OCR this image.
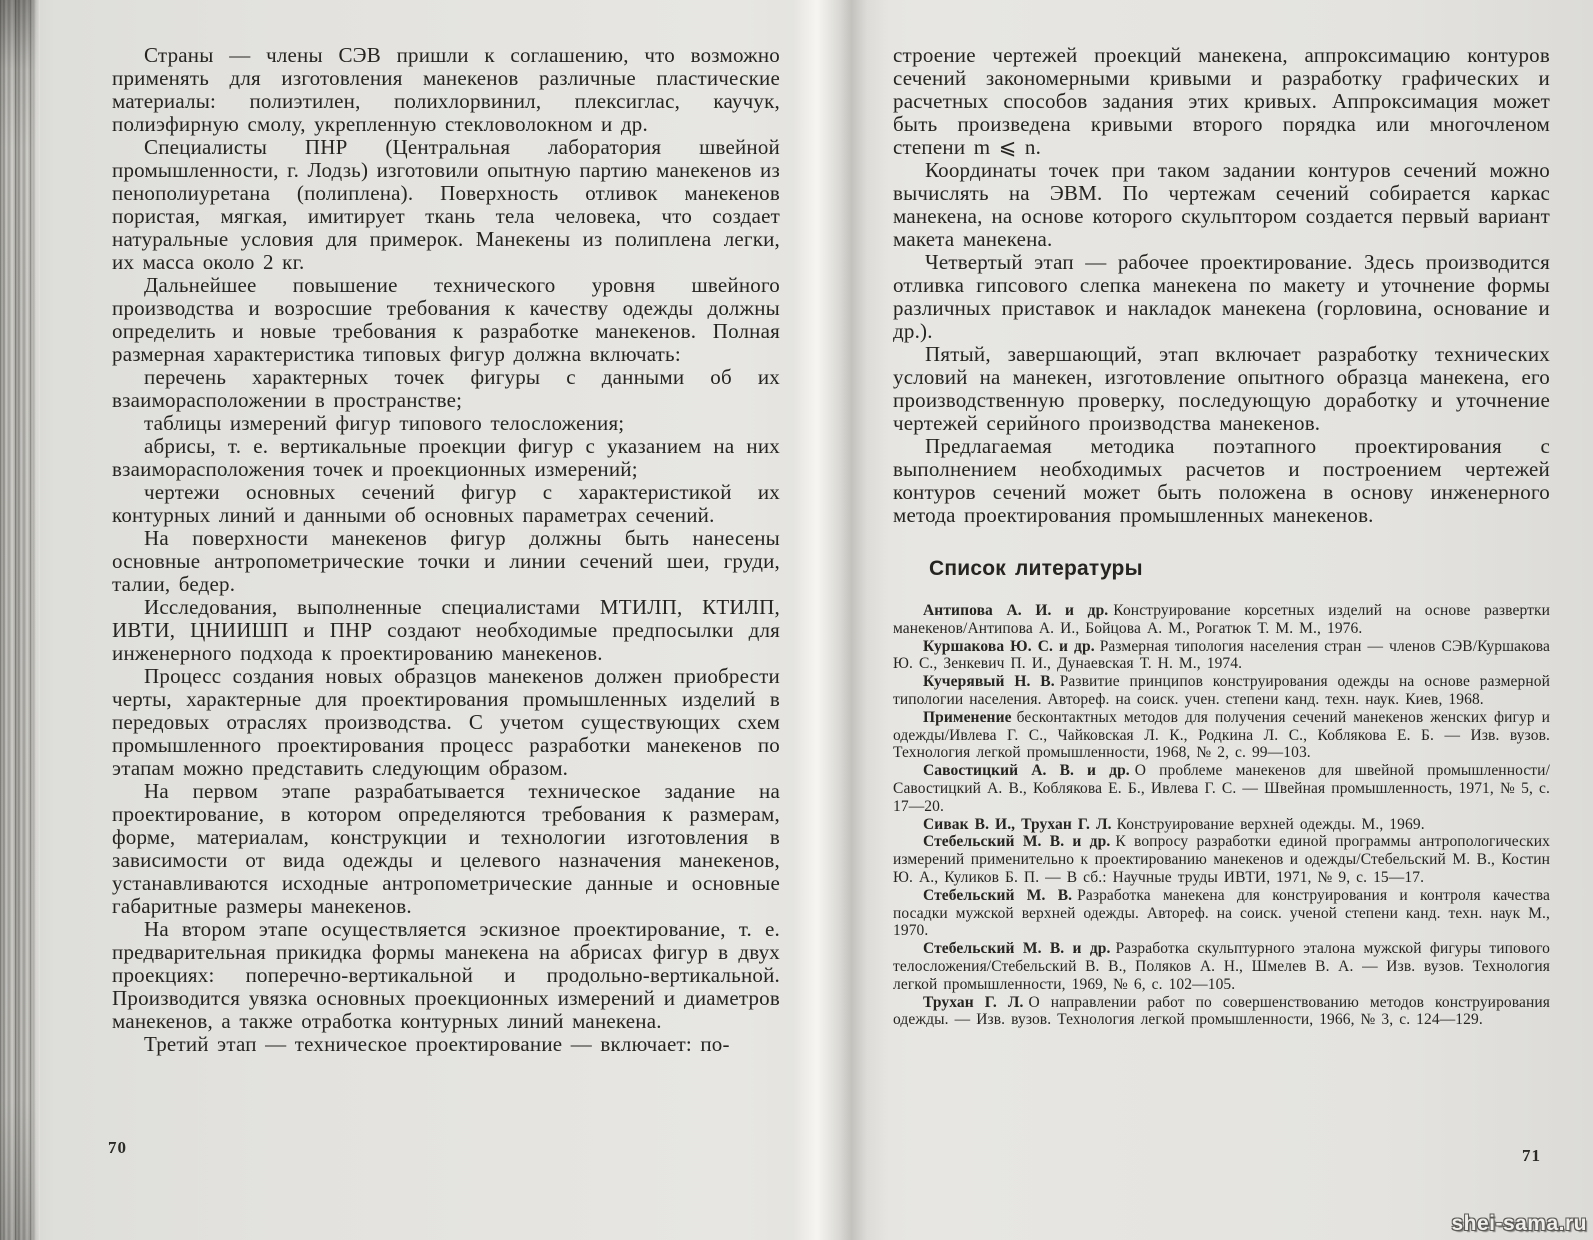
Страны — члены СЭВ пришли к соглашению, что возможно применять для изготовления манекенов различные пластические материалы: полиэтилен, полихлорвинил, плексиглас, каучук, полиэфирную смолу, укрепленную стекловолокном и др.

Специалисты ПНР (Центральная лаборатория швейной промышленности, г. Лодзь) изготовили опытную партию манекенов из пенополиуретана (полиплена). Поверхность отливок манекенов пористая, мягкая, имитирует ткань тела человека, что создает натуральные условия для примерок. Манекены из полиплена легки, их масса около 2 кг.

Дальнейшее повышение технического уровня швейного производства и возросшие требования к качеству одежды должны определить и новые требования к разработке манекенов. Полная размерная характеристика типовых фигур должна включать:

перечень характерных точек фигуры с данными об их взаиморасположении в пространстве;

таблицы измерений фигур типового телосложения;

абрисы, т. е. вертикальные проекции фигур с указанием на них взаиморасположения точек и проекционных измерений;

чертежи основных сечений фигур с характеристикой их контурных линий и данными об основных параметрах сечений.

На поверхности манекенов фигур должны быть нанесены основные антропометрические точки и линии сечений шеи, груди, талии, бедер.

Исследования, выполненные специалистами МТИЛП, КТИЛП, ИВТИ, ЦНИИШП и ПНР создают необходимые предпосылки для инженерного подхода к проектированию манекенов.

Процесс создания новых образцов манекенов должен приобрести черты, характерные для проектирования промышленных изделий в передовых отраслях производства. С учетом существующих схем промышленного проектирования процесс разработки манекенов по этапам можно представить следующим образом.

На первом этапе разрабатывается техническое задание на проектирование, в котором определяются требования к размерам, форме, материалам, конструкции и технологии изготовления в зависимости от вида одежды и целевого назначения манекенов, устанавливаются исходные антропометрические данные и основные габаритные размеры манекенов.

На втором этапе осуществляется эскизное проектирование, т. е. предварительная прикидка формы манекена на абрисах фигур в двух проекциях: поперечно-вертикальной и продольно-вертикальной. Производится увязка основных проекционных измерений и диаметров манекенов, а также отработка контурных линий манекена.

Третий этап — техническое проектирование — включает: по-

строение чертежей проекций манекена, аппроксимацию контуров сечений закономерными кривыми и разработку графических и расчетных способов задания этих кривых. Аппроксимация может быть произведена кривыми второго порядка или многочленом степени m ⩽ n.

Координаты точек при таком задании контуров сечений можно вычислять на ЭВМ. По чертежам сечений собирается каркас манекена, на основе которого скульптором создается первый вариант макета манекена.

Четвертый этап — рабочее проектирование. Здесь производится отливка гипсового слепка манекена по макету и уточнение формы различных приставок и накладок манекена (горловина, основание и др.).

Пятый, завершающий, этап включает разработку технических условий на манекен, изготовление опытного образца манекена, его производственную проверку, последующую доработку и уточнение чертежей серийного производства манекенов.

Предлагаемая методика поэтапного проектирования с выполнением необходимых расчетов и построением чертежей контуров сечений может быть положена в основу инженерного метода проектирования промышленных манекенов.

Список литературы

Антипова А. И. и др. Конструирование корсетных изделий на основе развертки манекенов/Антипова А. И., Бойцова А. М., Рогатюк Т. М. М., 1976.

Куршакова Ю. С. и др. Размерная типология населения стран — членов СЭВ/Куршакова Ю. С., Зенкевич П. И., Дунаевская Т. Н. М., 1974.

Кучерявый Н. В. Развитие принципов конструирования одежды на основе размерной типологии населения. Автореф. на соиск. учен. степени канд. техн. наук. Киев, 1968.

Применение бесконтактных методов для получения сечений манекенов женских фигур и одежды/Ивлева Г. С., Чайковская Л. К., Родкина Л. С., Коблякова Е. Б. — Изв. вузов. Технология легкой промышленности, 1968, № 2, с. 99—103.

Савостицкий А. В. и др. О проблеме манекенов для швейной промышленности/Савостицкий А. В., Коблякова Е. Б., Ивлева Г. С. — Швейная промышленность, 1971, № 5, с. 17—20.

Сивак В. И., Трухан Г. Л. Конструирование верхней одежды. М., 1969.

Стебельский М. В. и др. К вопросу разработки единой программы антропологических измерений применительно к проектированию манекенов и одежды/Стебельский М. В., Костин Ю. А., Куликов Б. П. — В сб.: Научные труды ИВТИ, 1971, № 9, с. 15—17.

Стебельский М. В. Разработка манекена для конструирования и контроля качества посадки мужской верхней одежды. Автореф. на соиск. ученой степени канд. техн. наук М., 1970.

Стебельский М. В. и др. Разработка скульптурного эталона мужской фигуры типового телосложения/Стебельский В. В., Поляков А. Н., Шмелев В. А. — Изв. вузов. Технология легкой промышленности, 1969, № 6, с. 102—105.

Трухан Г. Л. О направлении работ по совершенствованию методов конструирования одежды. — Изв. вузов. Технология легкой промышленности, 1966, № 3, с. 124—129.

70	71
shei-sama.ru
